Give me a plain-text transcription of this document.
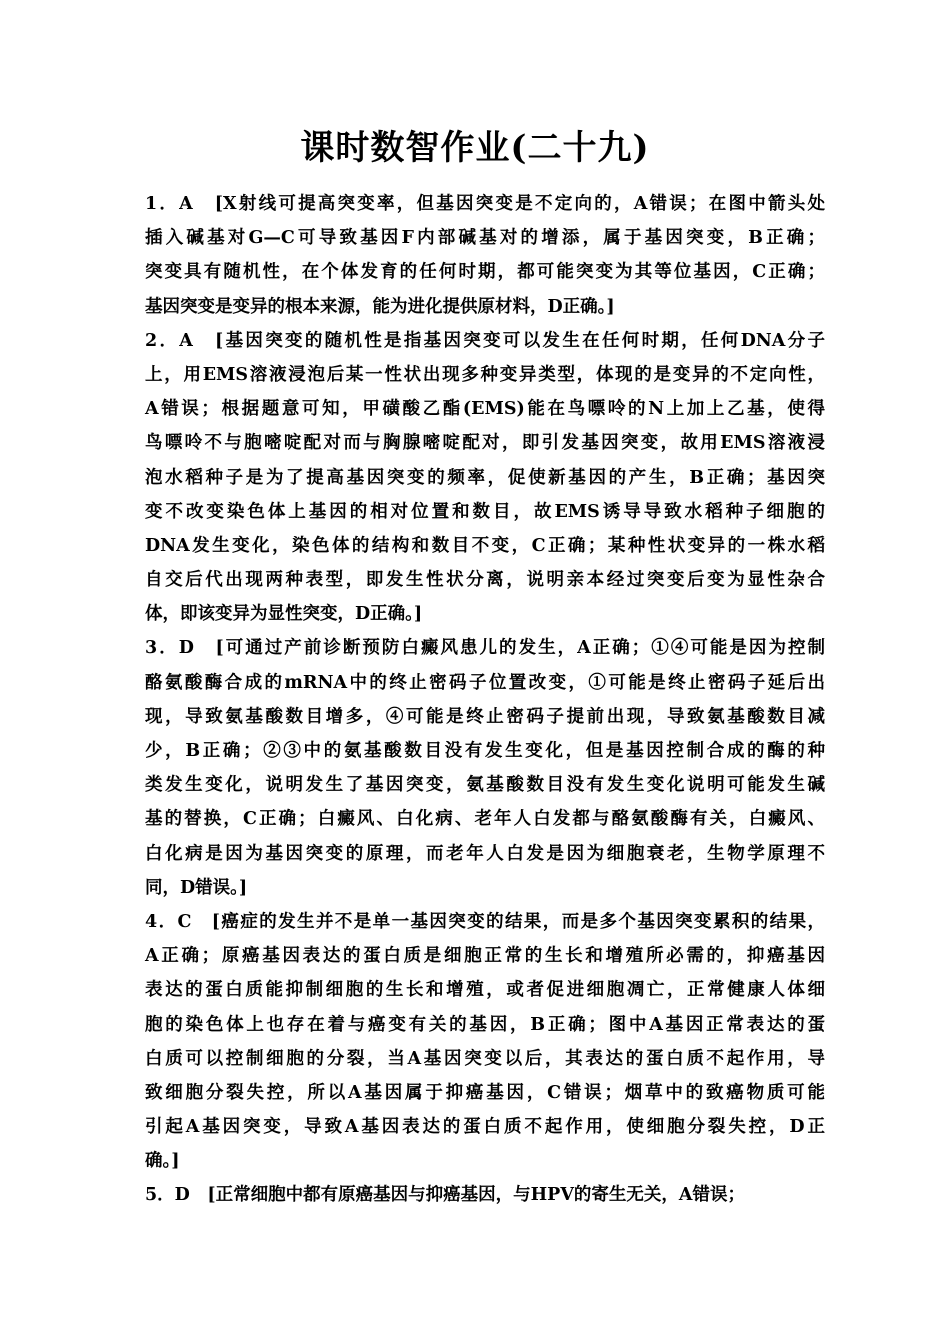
课时数智作业(二十九)
1．A　[X射线可提高突变率，但基因突变是不定向的，A错误；在图中箭头处
插入碱基对G—C可导致基因F内部碱基对的增添，属于基因突变，B正确；
突变具有随机性，在个体发育的任何时期，都可能突变为其等位基因，C正确；
基因突变是变异的根本来源，能为进化提供原材料，D正确。]
2．A　[基因突变的随机性是指基因突变可以发生在任何时期，任何DNA分子
上，用EMS溶液浸泡后某一性状出现多种变异类型，体现的是变异的不定向性，
A错误；根据题意可知，甲磺酸乙酯(EMS)能在鸟嘌呤的N上加上乙基，使得
鸟嘌呤不与胞嘧啶配对而与胸腺嘧啶配对，即引发基因突变，故用EMS溶液浸
泡水稻种子是为了提高基因突变的频率，促使新基因的产生，B正确；基因突
变不改变染色体上基因的相对位置和数目，故EMS诱导导致水稻种子细胞的
DNA发生变化，染色体的结构和数目不变，C正确；某种性状变异的一株水稻
自交后代出现两种表型，即发生性状分离，说明亲本经过突变后变为显性杂合
体，即该变异为显性突变，D正确。]
3．D　[可通过产前诊断预防白癜风患儿的发生，A正确；①④可能是因为控制
酪氨酸酶合成的mRNA中的终止密码子位置改变，①可能是终止密码子延后出
现，导致氨基酸数目增多，④可能是终止密码子提前出现，导致氨基酸数目减
少，B正确；②③中的氨基酸数目没有发生变化，但是基因控制合成的酶的种
类发生变化，说明发生了基因突变，氨基酸数目没有发生变化说明可能发生碱
基的替换，C正确；白癜风、白化病、老年人白发都与酪氨酸酶有关，白癜风、
白化病是因为基因突变的原理，而老年人白发是因为细胞衰老，生物学原理不
同，D错误。]
4．C　[癌症的发生并不是单一基因突变的结果，而是多个基因突变累积的结果，
A正确；原癌基因表达的蛋白质是细胞正常的生长和增殖所必需的，抑癌基因
表达的蛋白质能抑制细胞的生长和增殖，或者促进细胞凋亡，正常健康人体细
胞的染色体上也存在着与癌变有关的基因，B正确；图中A基因正常表达的蛋
白质可以控制细胞的分裂，当A基因突变以后，其表达的蛋白质不起作用，导
致细胞分裂失控，所以A基因属于抑癌基因，C错误；烟草中的致癌物质可能
引起A基因突变，导致A基因表达的蛋白质不起作用，使细胞分裂失控，D正
确。]
5．D　[正常细胞中都有原癌基因与抑癌基因，与HPV的寄生无关，A错误；
